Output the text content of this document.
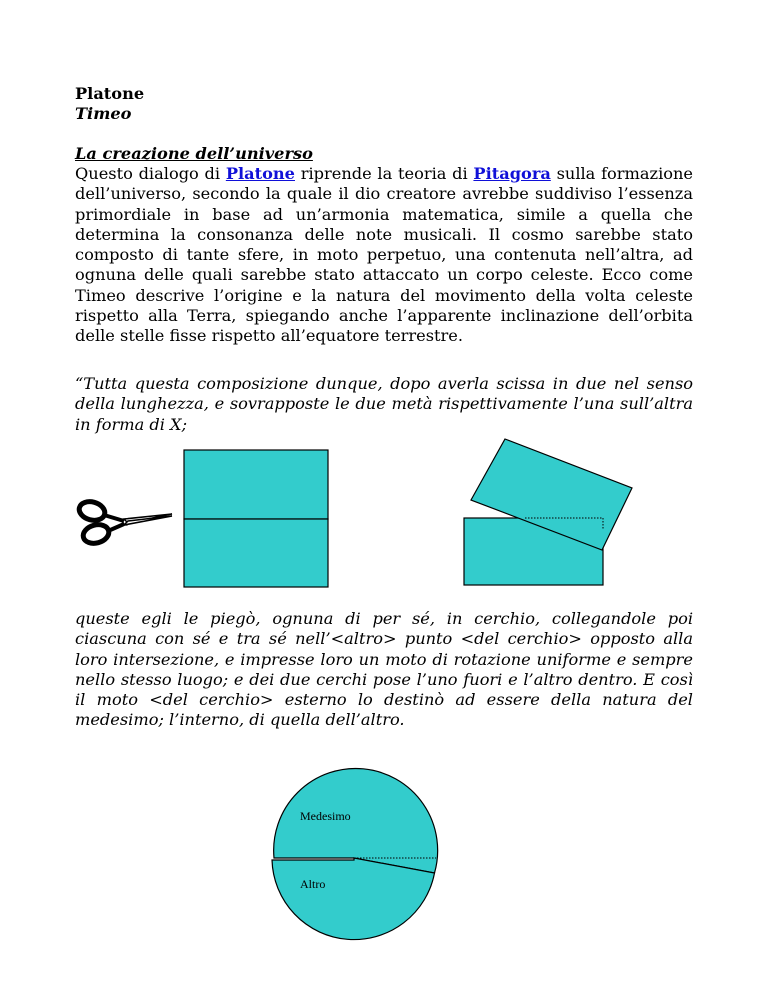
Platone
Timeo
La creazione dell’universo
Questo dialogo di Platone riprende la teoria di Pitagora sulla formazione dell’universo, secondo la quale il dio creatore avrebbe suddiviso l’essenza primordiale in base ad un’armonia matematica, simile a quella che determina la consonanza delle note musicali. Il cosmo sarebbe stato composto di tante sfere, in moto perpetuo, una contenuta nell’altra, ad ognuna delle quali sarebbe stato attaccato un corpo celeste. Ecco come Timeo descrive l’origine e la natura del movimento della volta celeste rispetto alla Terra, spiegando anche l’apparente inclinazione dell’orbita delle stelle fisse rispetto all’equatore terrestre.
“Tutta questa composizione dunque, dopo averla scissa in due nel senso della lunghezza, e sovrapposte le due metà rispettivamente l’una sull’altra in forma di X;
queste egli le piegò, ognuna di per sé, in cerchio, collegandole poi ciascuna con sé e tra sé nell’<altro> punto <del cerchio> opposto alla loro intersezione, e impresse loro un moto di rotazione uniforme e sempre nello stesso luogo; e dei due cerchi pose l’uno fuori e l’altro dentro. E così il moto <del cerchio> esterno lo destinò ad essere della natura del medesimo; l’interno, di quella dell’altro.
Medesimo
Altro
